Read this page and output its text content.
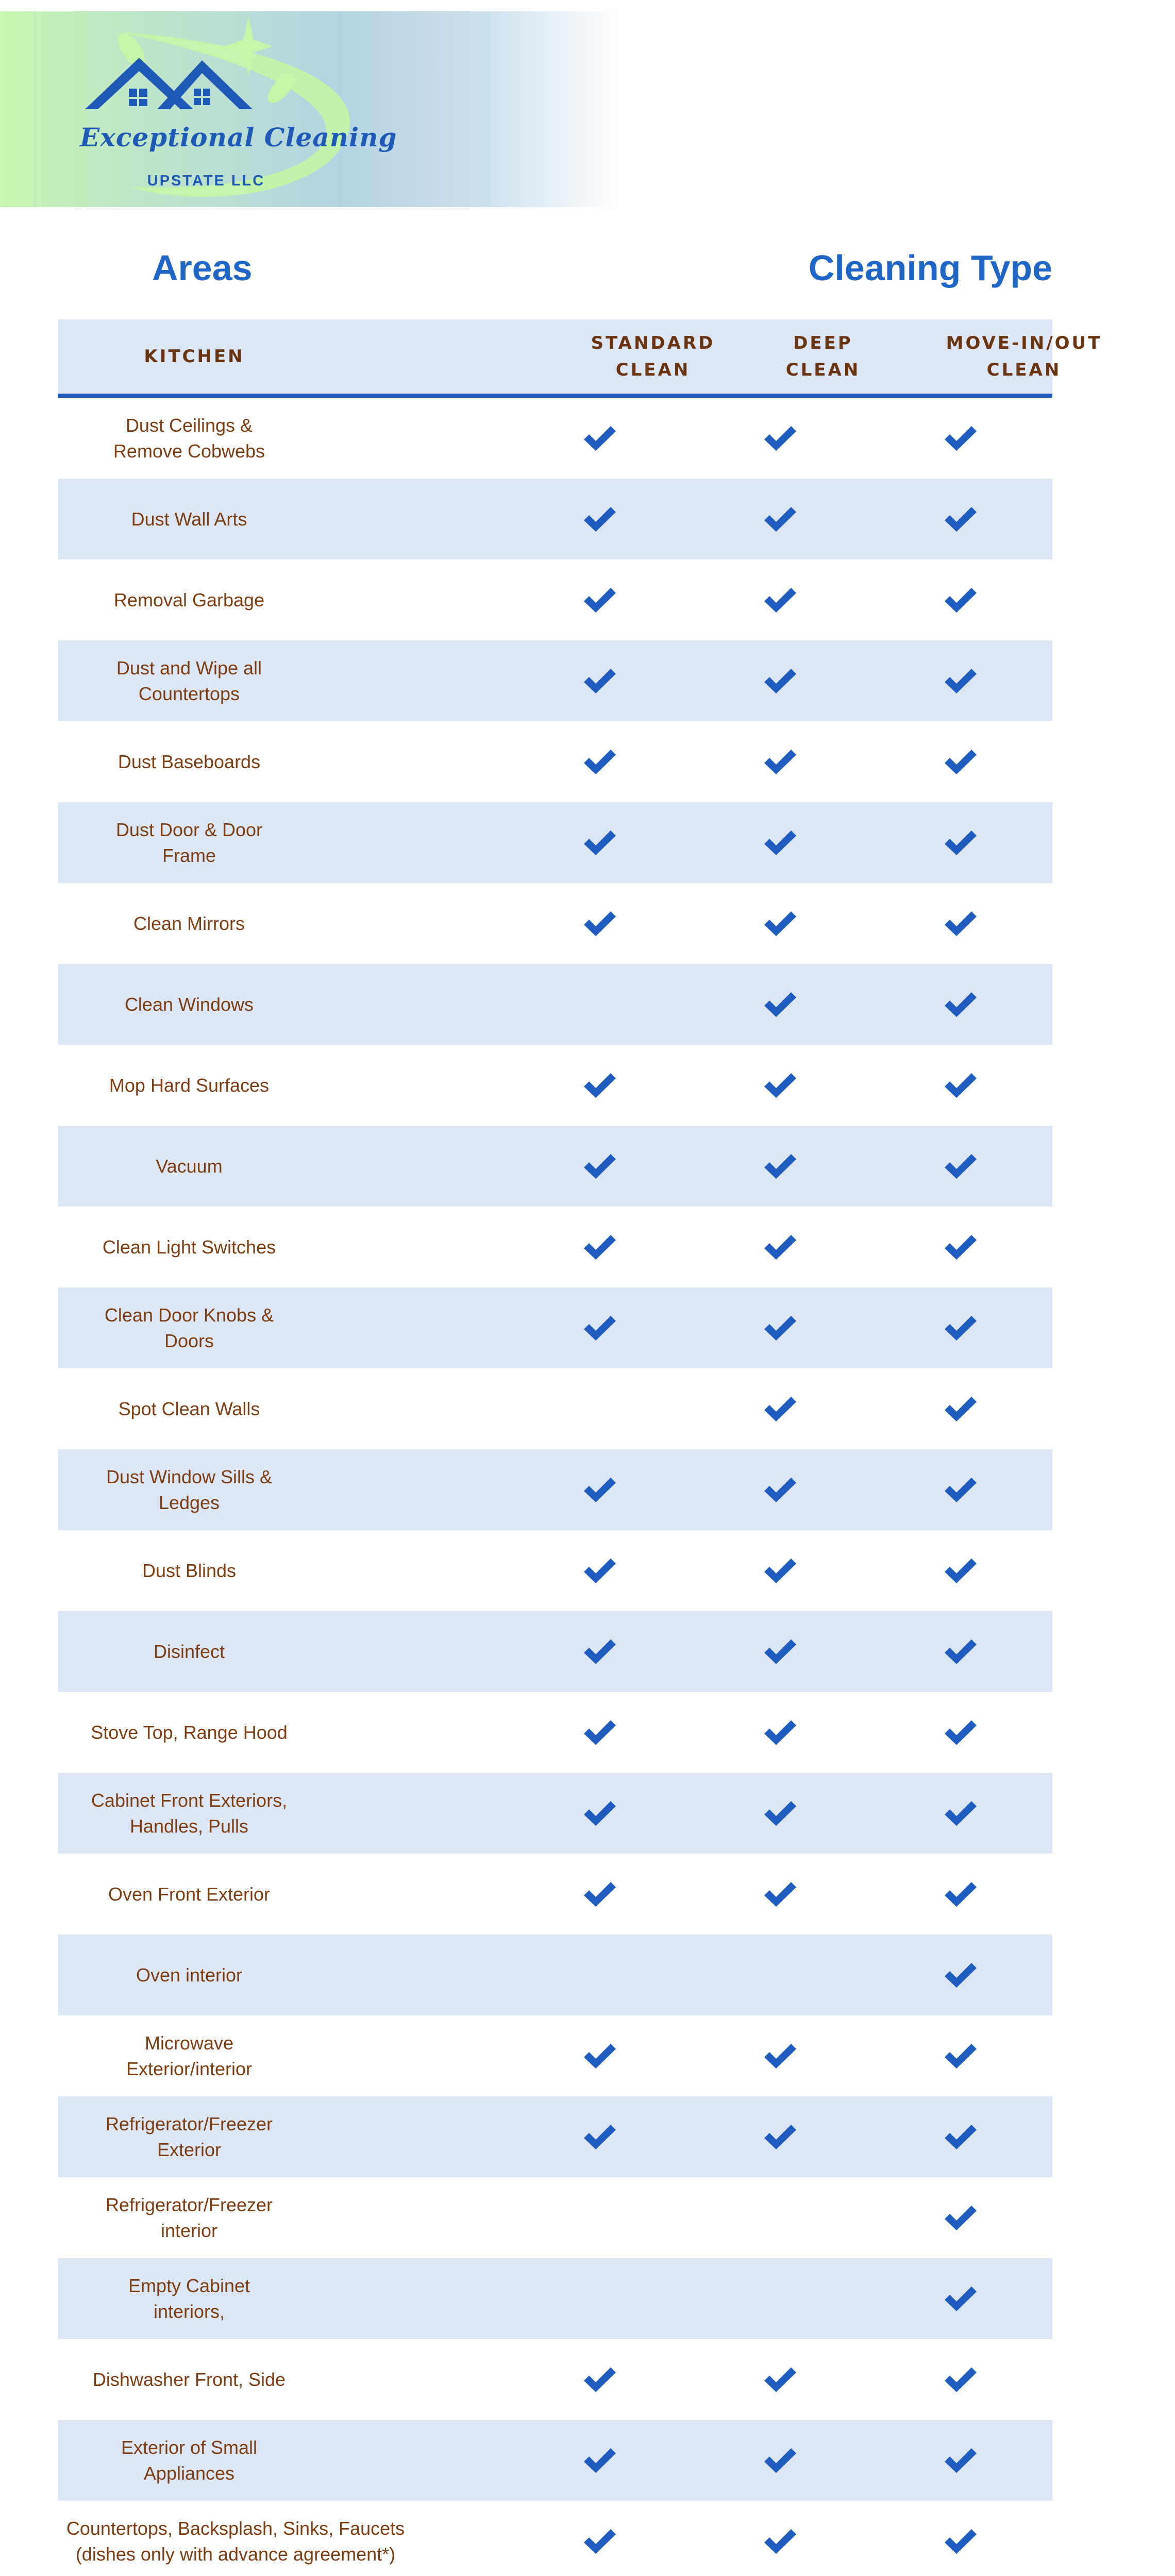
Exceptional Cleaning
UPSTATE LLC
Areas	Cleaning Type
KITCHEN
STANDARD
CLEAN
DEEP
CLEAN
MOVE-IN/OUT
CLEAN
Dust Ceilings &
Remove Cobwebs
Dust Wall Arts
Removal Garbage
Dust and Wipe all
Countertops
Dust Baseboards
Dust Door & Door
Frame
Clean Mirrors
Clean Windows
Mop Hard Surfaces
Vacuum
Clean Light Switches
Clean Door Knobs &
Doors
Spot Clean Walls
Dust Window Sills &
Ledges
Dust Blinds
Disinfect
Stove Top, Range Hood
Cabinet Front Exteriors,
Handles, Pulls
Oven Front Exterior
Oven interior
Microwave
Exterior/interior
Refrigerator/Freezer
Exterior
Refrigerator/Freezer
interior
Empty Cabinet
interiors,
Dishwasher Front, Side
Exterior of Small
Appliances
Countertops, Backsplash, Sinks, Faucets
(dishes only with advance agreement*)
